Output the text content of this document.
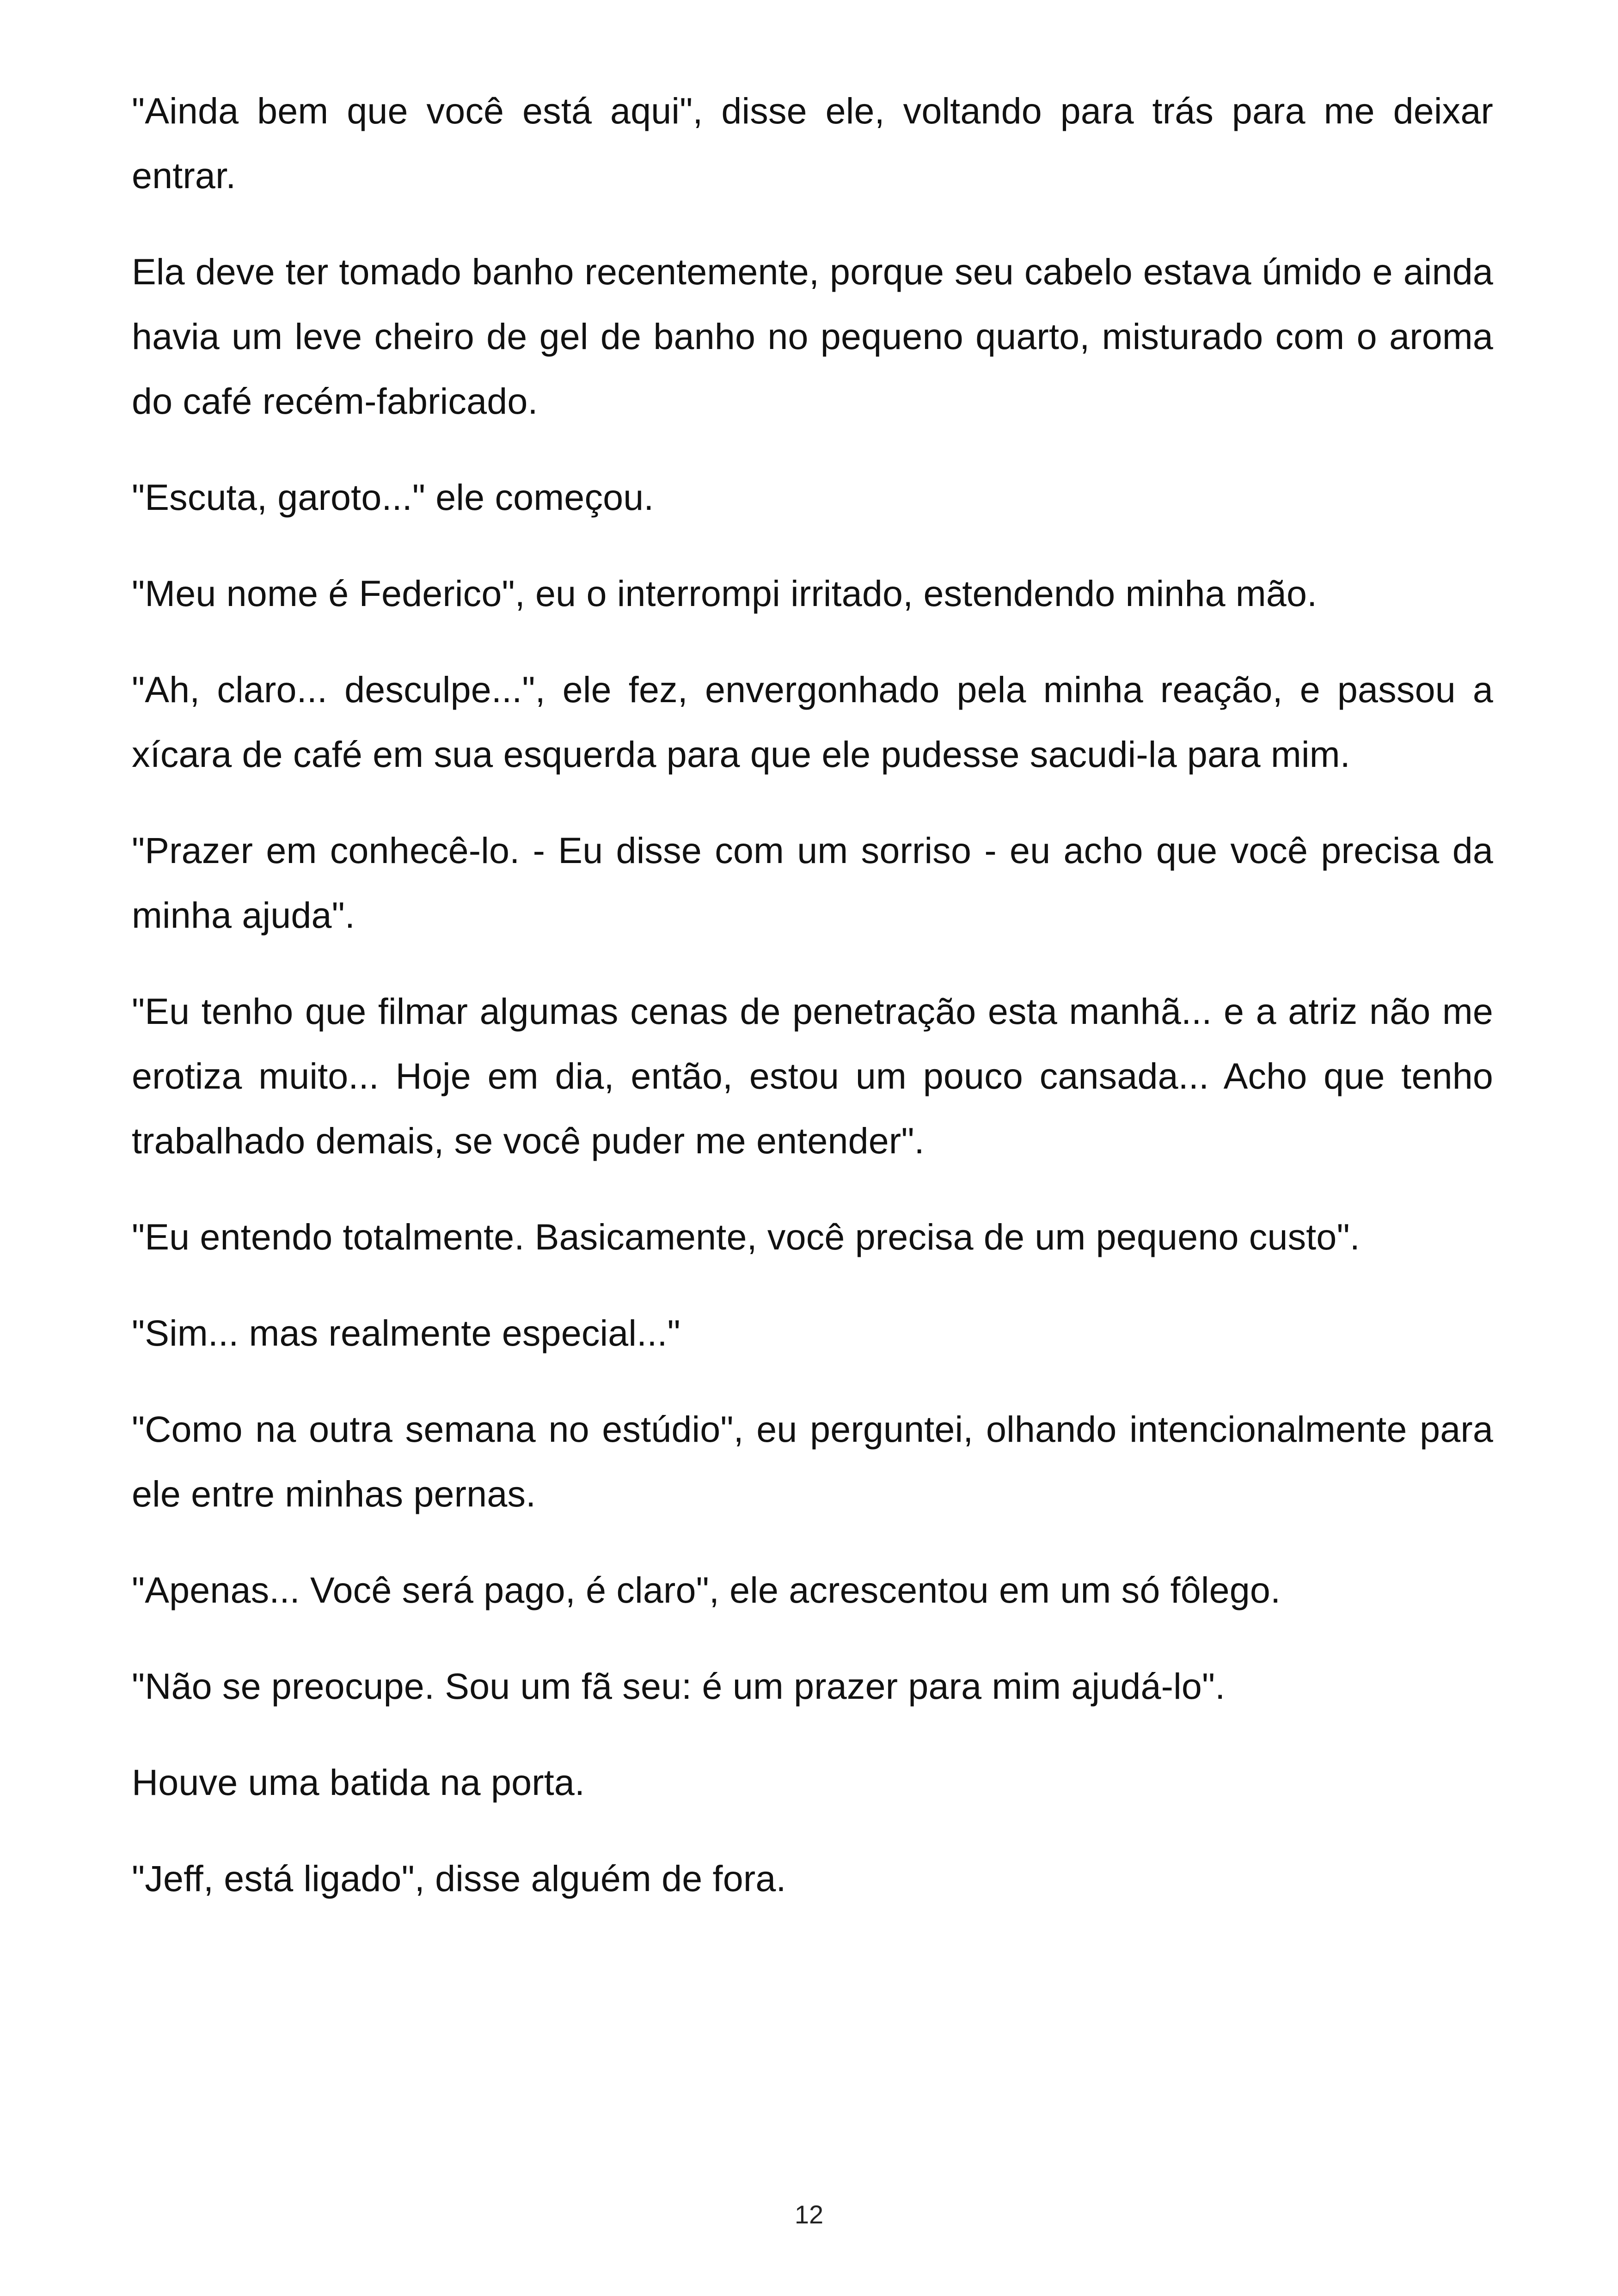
"Ainda bem que você está aqui", disse ele, voltando para trás para me deixar entrar.

Ela deve ter tomado banho recentemente, porque seu cabelo estava úmido e ainda havia um leve cheiro de gel de banho no pequeno quarto, misturado com o aroma do café recém-fabricado.

"Escuta, garoto..." ele começou.

"Meu nome é Federico", eu o interrompi irritado, estendendo minha mão.

"Ah, claro... desculpe...", ele fez, envergonhado pela minha reação, e passou a xícara de café em sua esquerda para que ele pudesse sacudi-la para mim.

"Prazer em conhecê-lo. - Eu disse com um sorriso - eu acho que você precisa da minha ajuda".

"Eu tenho que filmar algumas cenas de penetração esta manhã... e a atriz não me erotiza muito... Hoje em dia, então, estou um pouco cansada... Acho que tenho trabalhado demais, se você puder me entender".

"Eu entendo totalmente. Basicamente, você precisa de um pequeno custo".

"Sim... mas realmente especial..."

"Como na outra semana no estúdio", eu perguntei, olhando intencionalmente para ele entre minhas pernas.

"Apenas... Você será pago, é claro", ele acrescentou em um só fôlego.

"Não se preocupe. Sou um fã seu: é um prazer para mim ajudá-lo".

Houve uma batida na porta.

"Jeff, está ligado", disse alguém de fora.

12
